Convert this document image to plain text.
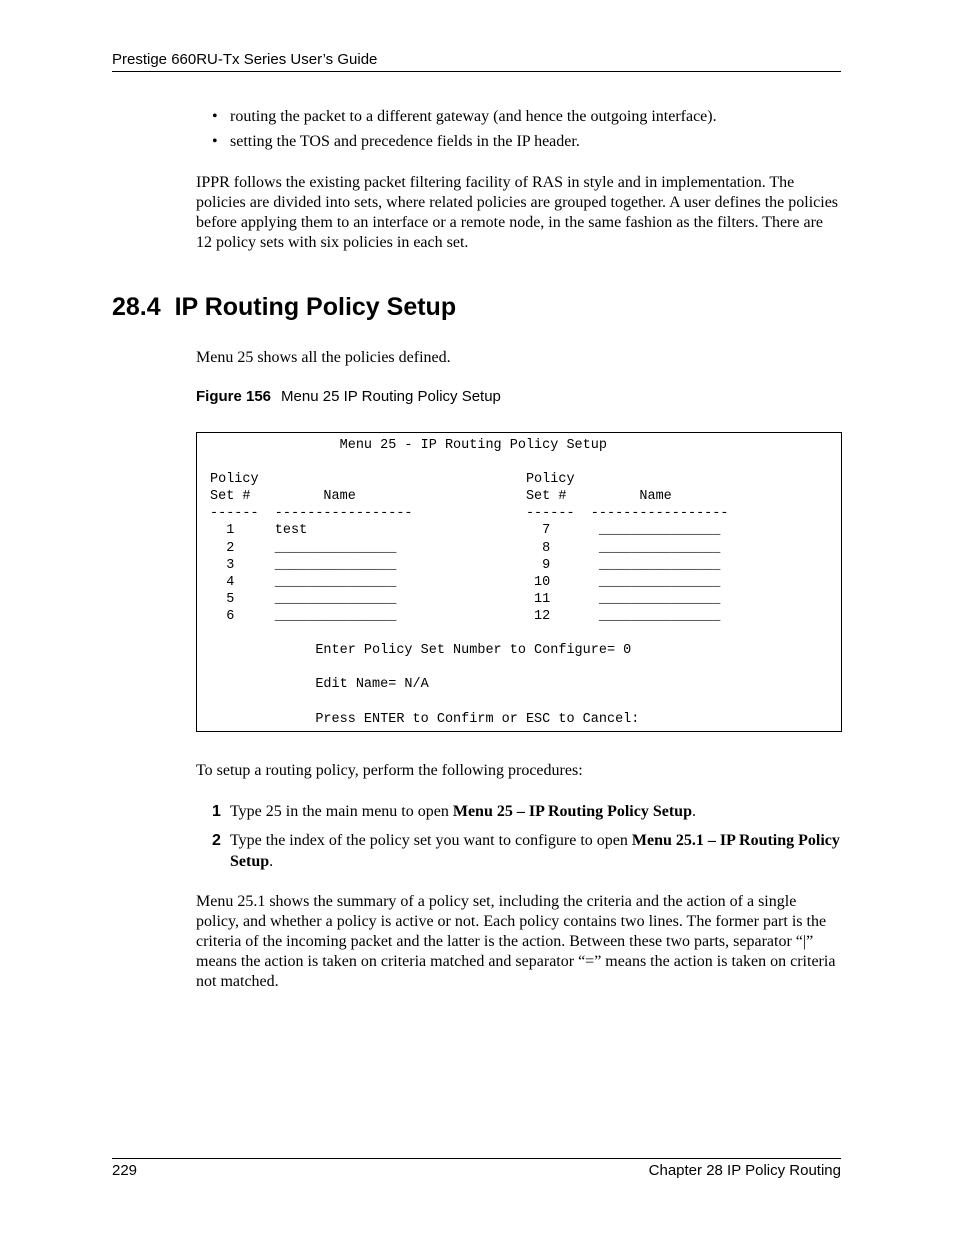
Prestige 660RU-Tx Series User’s Guide
• routing the packet to a different gateway (and hence the outgoing interface).
• setting the TOS and precedence fields in the IP header.
IPPR follows the existing packet filtering facility of RAS in style and in implementation. The policies are divided into sets, where related policies are grouped together. A user defines the policies before applying them to an interface or a remote node, in the same fashion as the filters. There are 12 policy sets with six policies in each set.
28.4 IP Routing Policy Setup
Menu 25 shows all the policies defined.
Figure 156 Menu 25 IP Routing Policy Setup
Menu 25 - IP Routing Policy Setup

Policy                                 Policy
Set #         Name                     Set #         Name
------  -----------------              ------  -----------------
1     test                             7      _______________
2     _______________                  8      _______________
3     _______________                  9      _______________
4     _______________                 10      _______________
5     _______________                 11      _______________
6     _______________                 12      _______________

Enter Policy Set Number to Configure= 0

Edit Name= N/A

Press ENTER to Confirm or ESC to Cancel:
To setup a routing policy, perform the following procedures:
1 Type 25 in the main menu to open Menu 25 – IP Routing Policy Setup.
2 Type the index of the policy set you want to configure to open Menu 25.1 – IP Routing Policy Setup.
Menu 25.1 shows the summary of a policy set, including the criteria and the action of a single policy, and whether a policy is active or not. Each policy contains two lines. The former part is the criteria of the incoming packet and the latter is the action. Between these two parts, separator “|” means the action is taken on criteria matched and separator “=” means the action is taken on criteria not matched.
229	Chapter 28 IP Policy Routing
